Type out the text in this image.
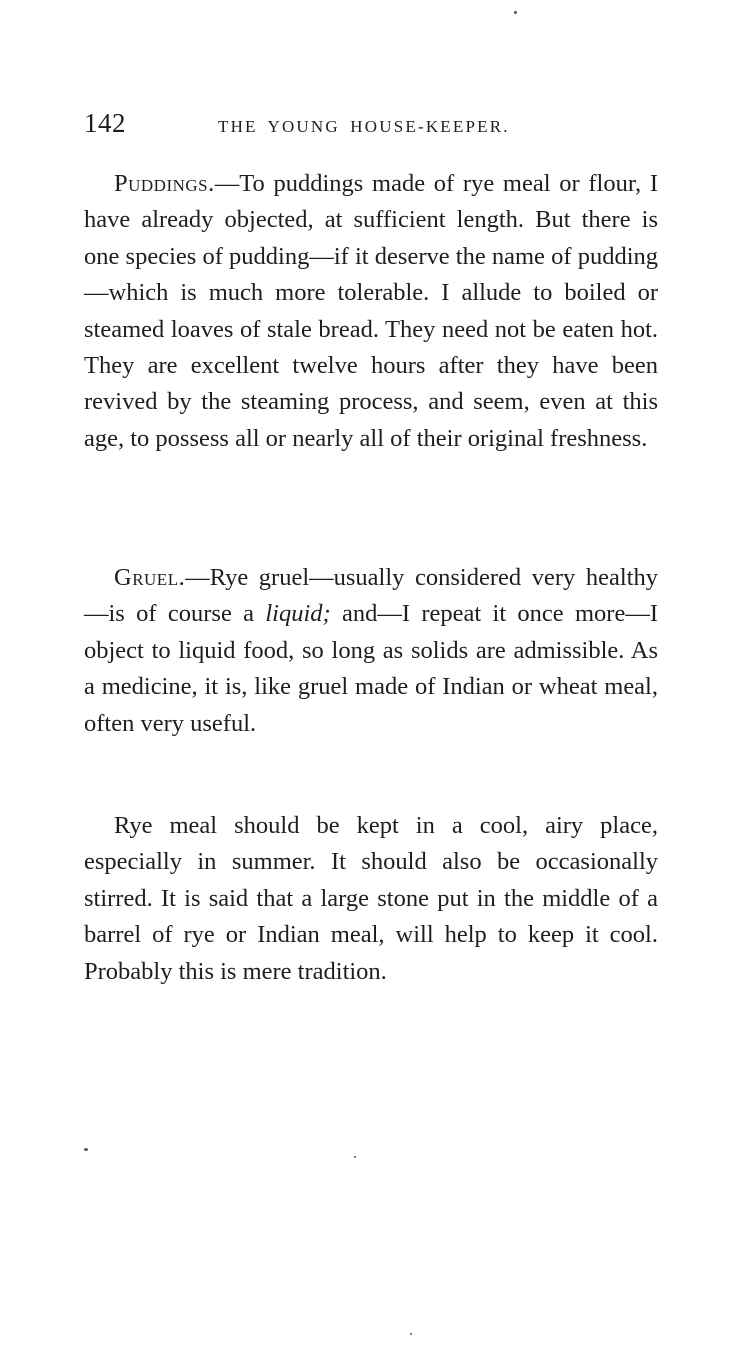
142	THE YOUNG HOUSE-KEEPER.

Puddings.—To puddings made of rye meal or flour, I have already objected, at sufficient length. But there is one species of pudding—if it deserve the name of pudding—which is much more tolerable. I allude to boiled or steamed loaves of stale bread. They need not be eaten hot. They are excellent twelve hours after they have been revived by the steaming process, and seem, even at this age, to possess all or nearly all of their original freshness.

Gruel.—Rye gruel—usually considered very healthy—is of course a liquid; and—I repeat it once more—I object to liquid food, so long as solids are admissible. As a medicine, it is, like gruel made of Indian or wheat meal, often very useful.

Rye meal should be kept in a cool, airy place, especially in summer. It should also be occasionally stirred. It is said that a large stone put in the middle of a barrel of rye or Indian meal, will help to keep it cool. Probably this is mere tradition.
